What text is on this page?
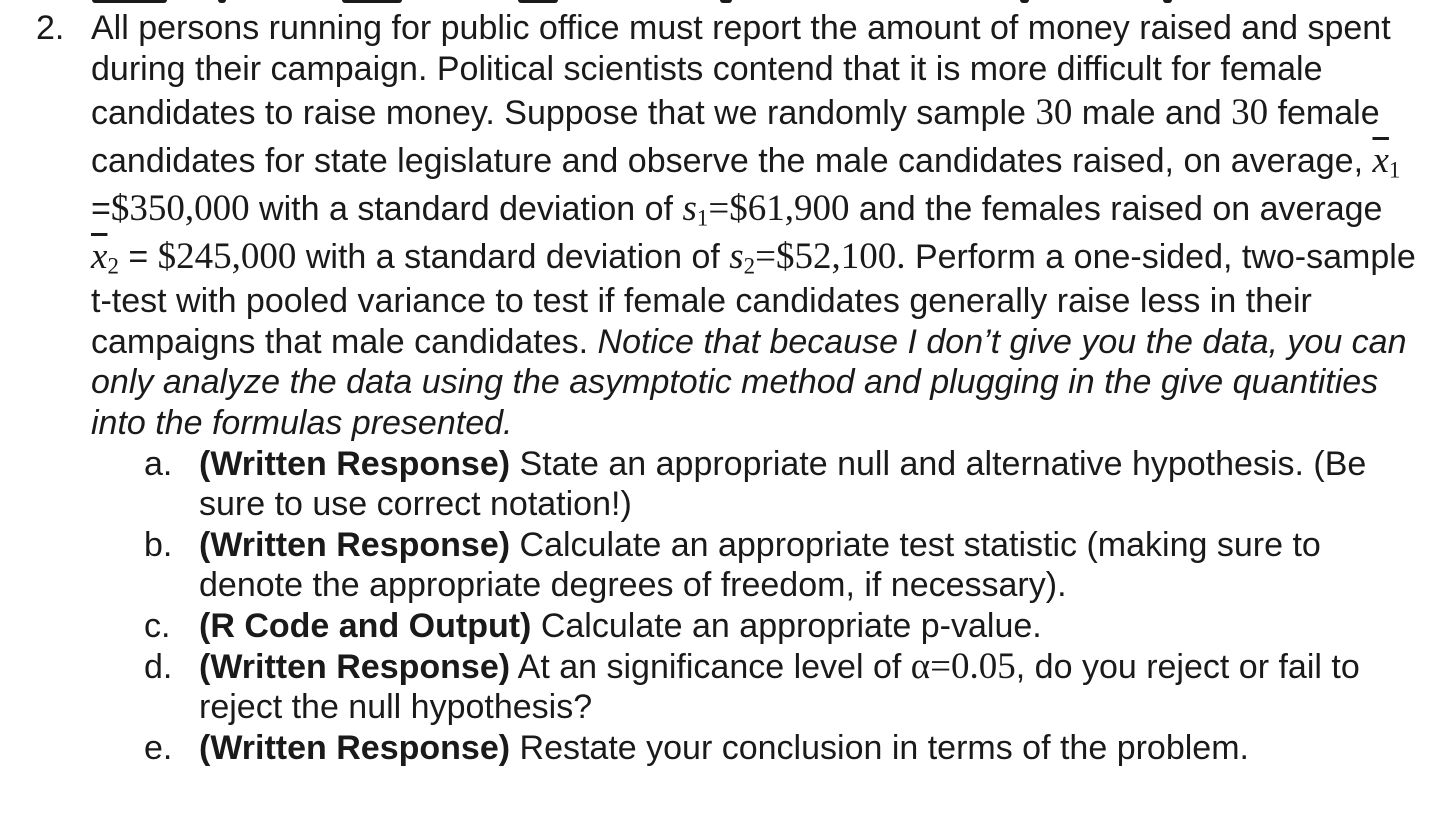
2. All persons running for public office must report the amount of money raised and spent during their campaign. Political scientists contend that it is more difficult for female candidates to raise money. Suppose that we randomly sample 30 male and 30 female candidates for state legislature and observe the male candidates raised, on average, $\overline{x}_1$ =$350,000 with a standard deviation of $s_1=\$61,900$ and the females raised on average $\overline{x}_2$ = $245,000 with a standard deviation of $s_2=\$52,100$. Perform a one-sided, two-sample t-test with pooled variance to test if female candidates generally raise less in their campaigns that male candidates. Notice that because I don’t give you the data, you can only analyze the data using the asymptotic method and plugging in the give quantities into the formulas presented.
a. (Written Response) State an appropriate null and alternative hypothesis. (Be sure to use correct notation!)
b. (Written Response) Calculate an appropriate test statistic (making sure to denote the appropriate degrees of freedom, if necessary).
c. (R Code and Output) Calculate an appropriate p-value.
d. (Written Response) At an significance level of α=0.05, do you reject or fail to reject the null hypothesis?
e. (Written Response) Restate your conclusion in terms of the problem.
